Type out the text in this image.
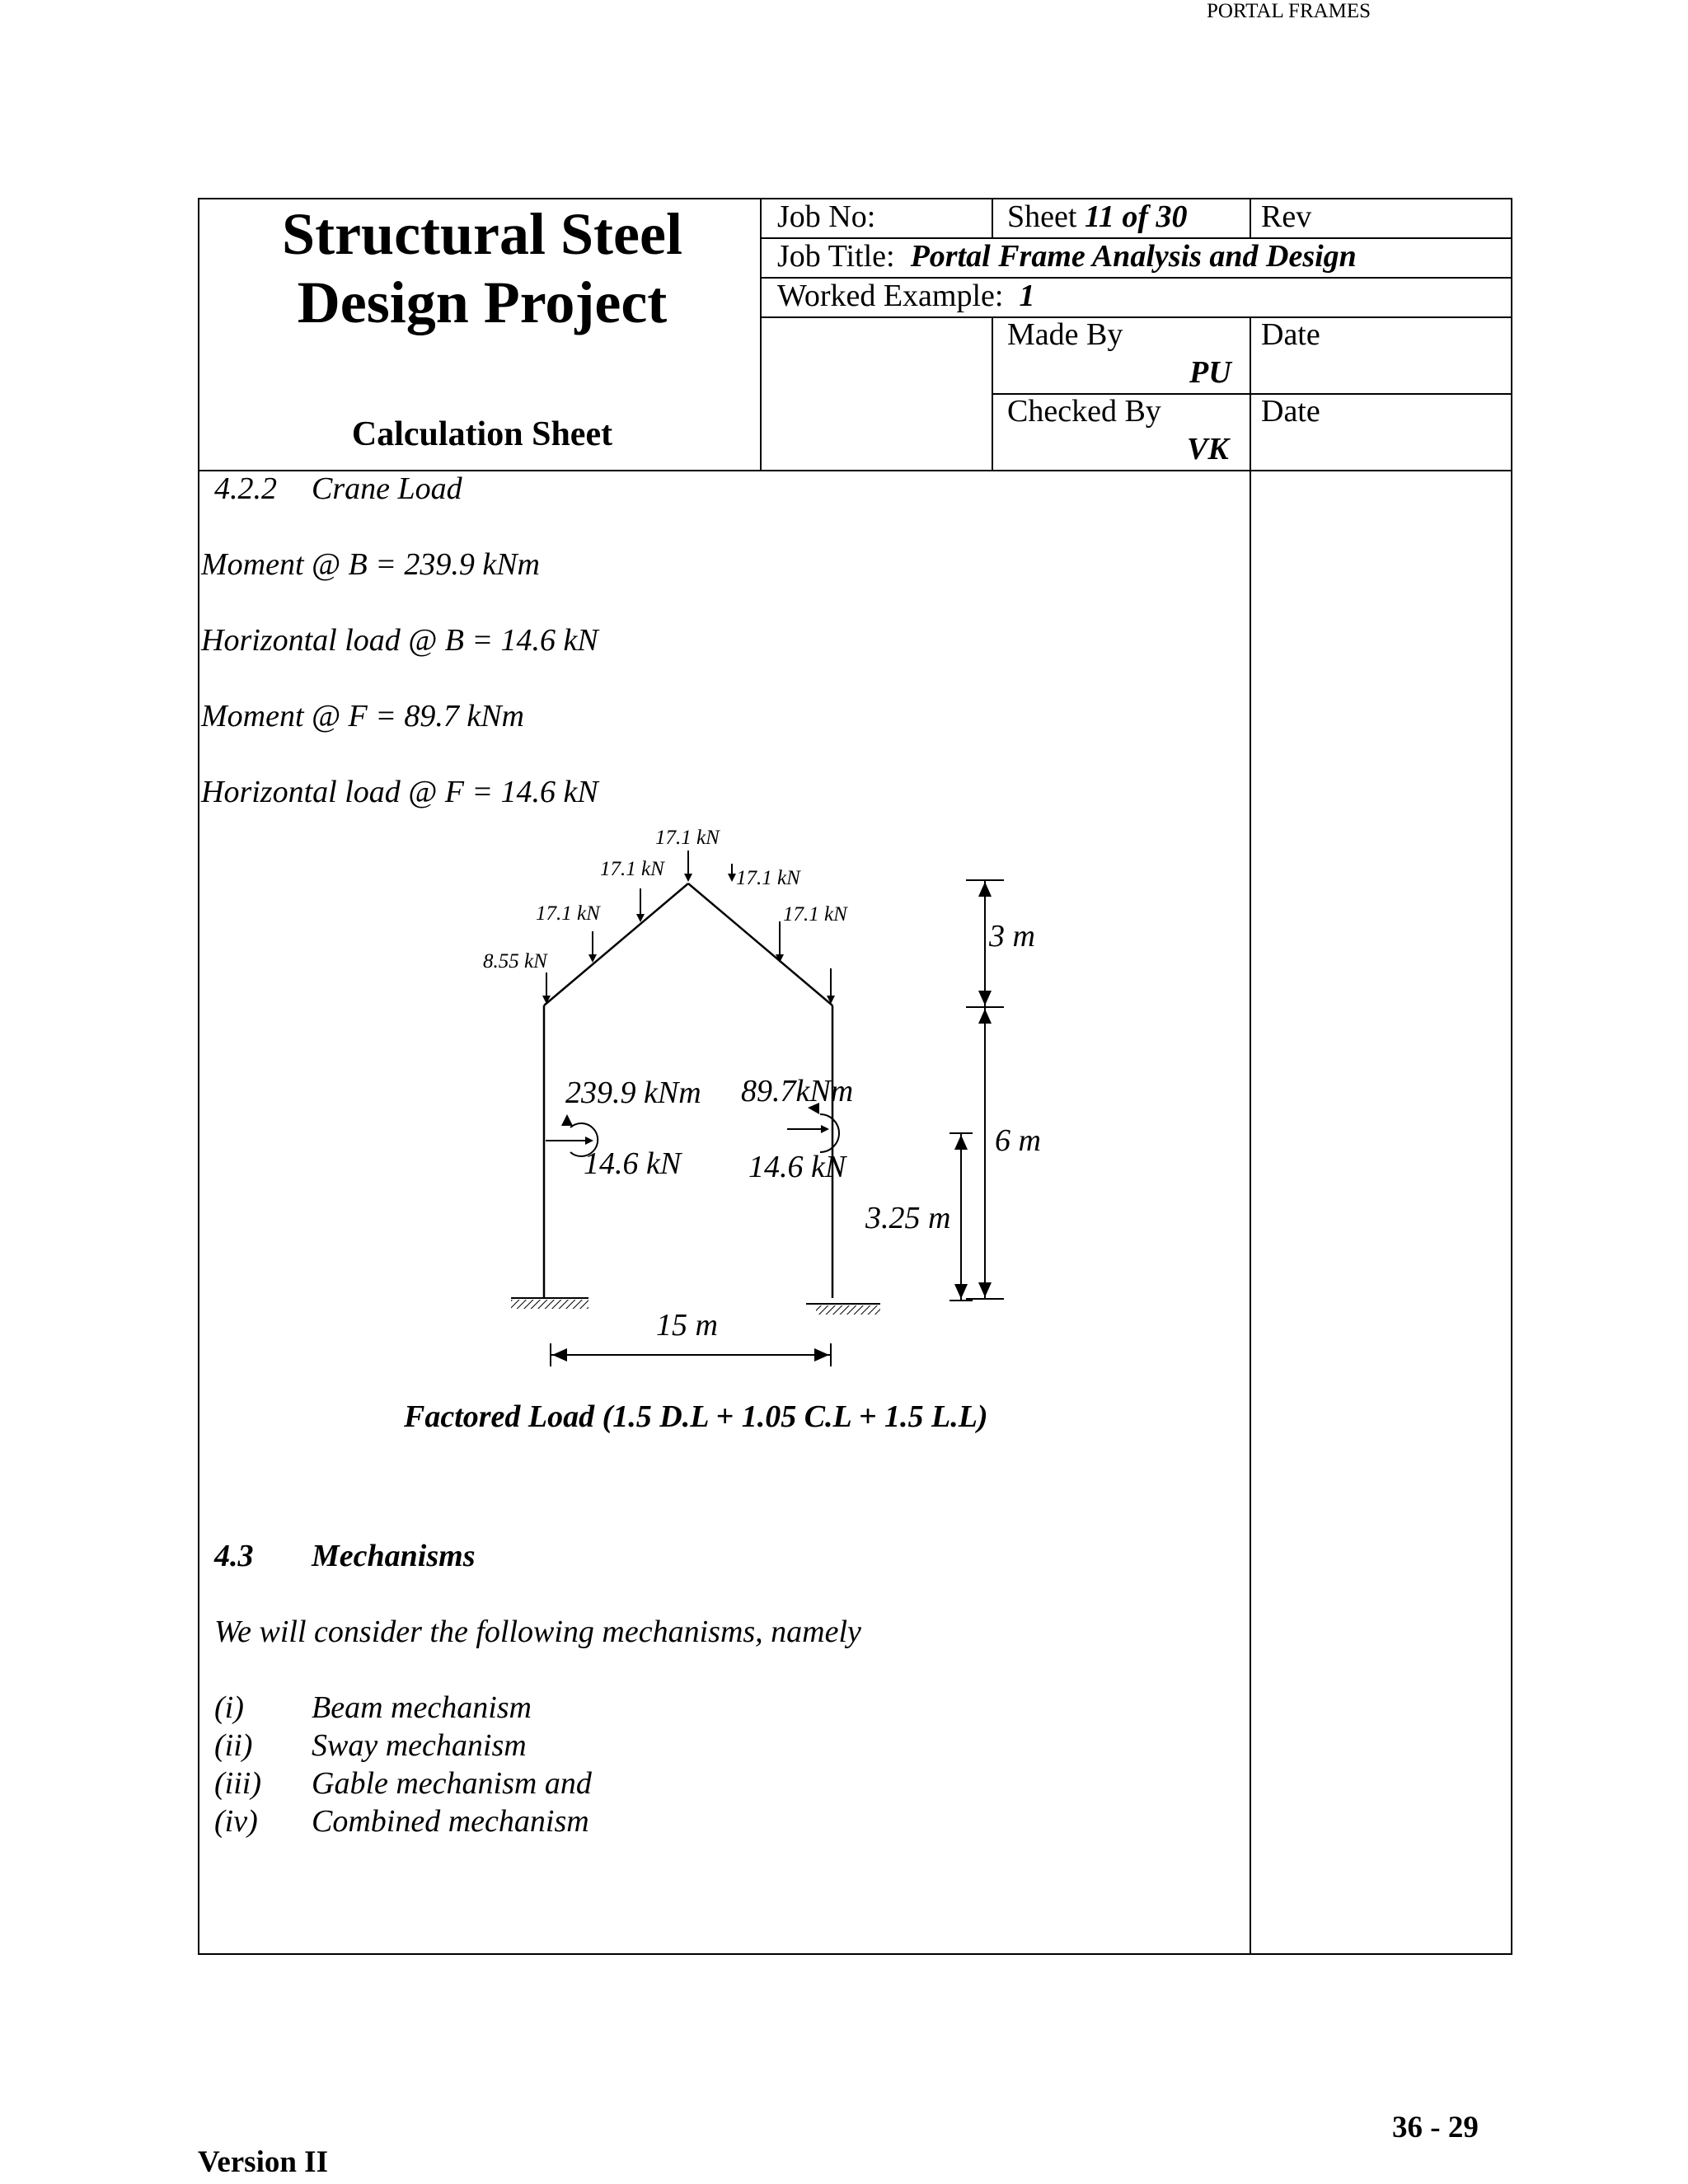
PORTAL FRAMES
Structural Steel
Design Project
Calculation Sheet
Job No:	Sheet 11 of 30 Rev
Job Title: Portal Frame Analysis and Design
Worked Example: 1
Made By
PU
Date
Checked By
VK
Date
4.2.2 Crane Load
Moment @ B = 239.9 kNm
Horizontal load @ B = 14.6 kN
Moment @ F = 89.7 kNm
Horizontal load @ F = 14.6 kN
17.1 kN
17.1 kN	17.1 kN
17.1 kN	17.1 kN
8.55 kN
239.9 kNm 89.7kNm
14.6 kN 14.6 kN
3 m
6 m
3.25 m
15 m
Factored Load (1.5 D.L + 1.05 C.L + 1.5 L.L)
4.3 Mechanisms
We will consider the following mechanisms, namely
(i) Beam mechanism
(ii) Sway mechanism
(iii) Gable mechanism and
(iv) Combined mechanism
36 - 29
Version II
